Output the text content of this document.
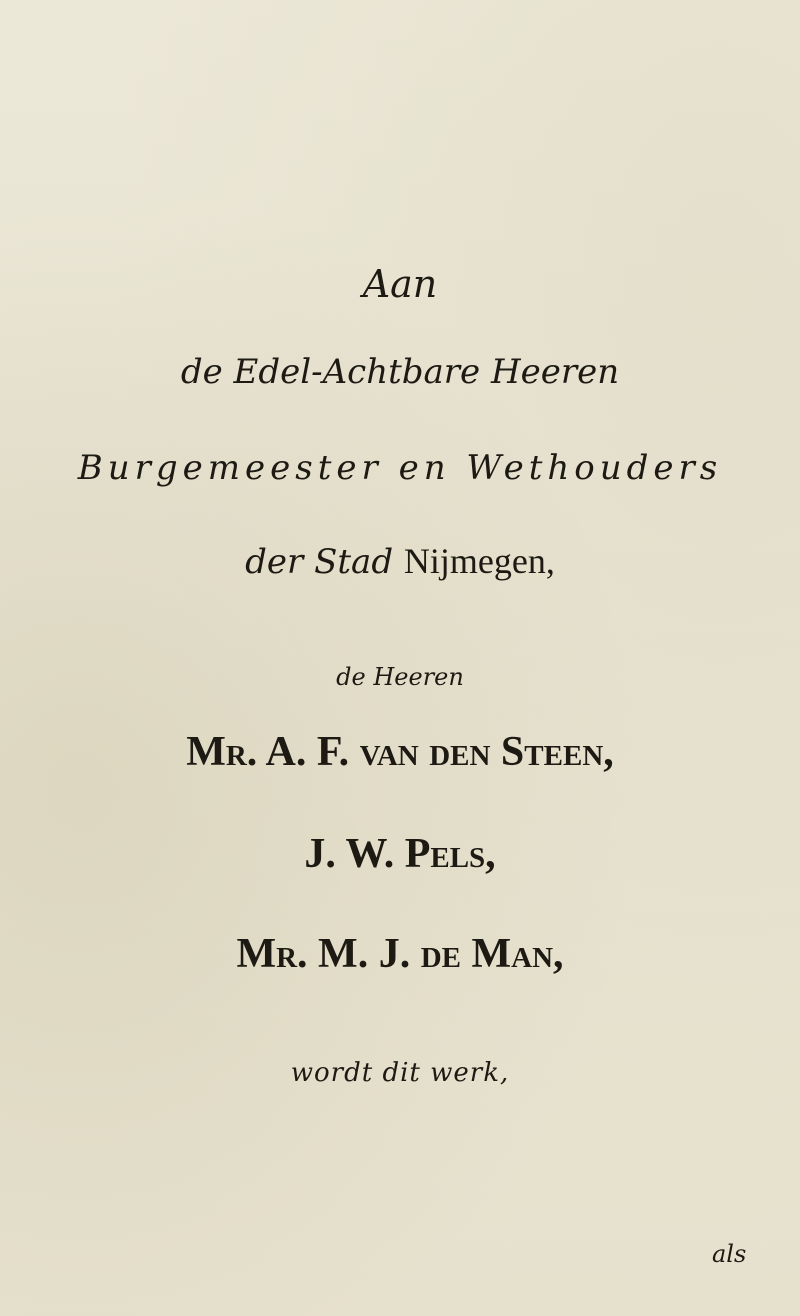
Aan
de Edel-Achtbare Heeren
Burgemeester en Wethouders
der Stad Nijmegen,
de Heeren
Mr. A. F. van den Steen,
J. W. Pels,
Mr. M. J. de Man,
wordt dit werk,
als
